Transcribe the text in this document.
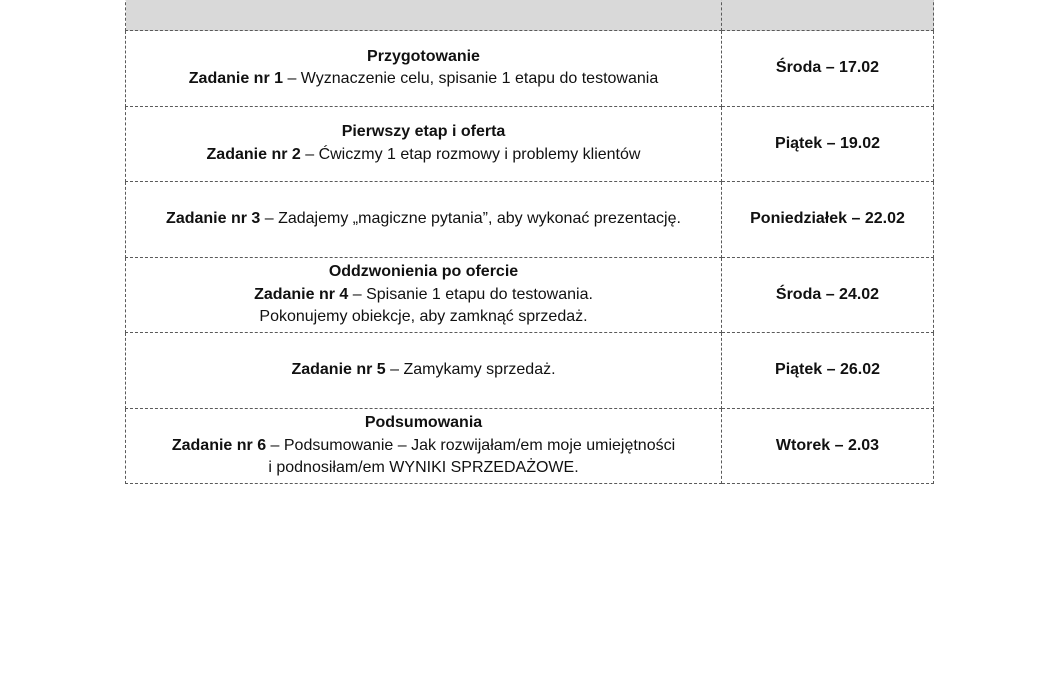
Przygotowanie
Zadanie nr 1 – Wyznaczenie celu, spisanie 1 etapu do testowania	Środa – 17.02

Pierwszy etap i oferta
Zadanie nr 2 – Ćwiczmy 1 etap rozmowy i problemy klientów	Piątek – 19.02

Zadanie nr 3 – Zadajemy „magiczne pytania”, aby wykonać prezentację.	Poniedziałek – 22.02

Oddzwonienia po ofercie
Zadanie nr 4 – Spisanie 1 etapu do testowania.
Pokonujemy obiekcje, aby zamknąć sprzedaż.	Środa – 24.02

Zadanie nr 5 – Zamykamy sprzedaż.	Piątek – 26.02

Podsumowania
Zadanie nr 6 – Podsumowanie – Jak rozwijałam/em moje umiejętności
i podnosiłam/em WYNIKI SPRZEDAŻOWE.	Wtorek – 2.03
